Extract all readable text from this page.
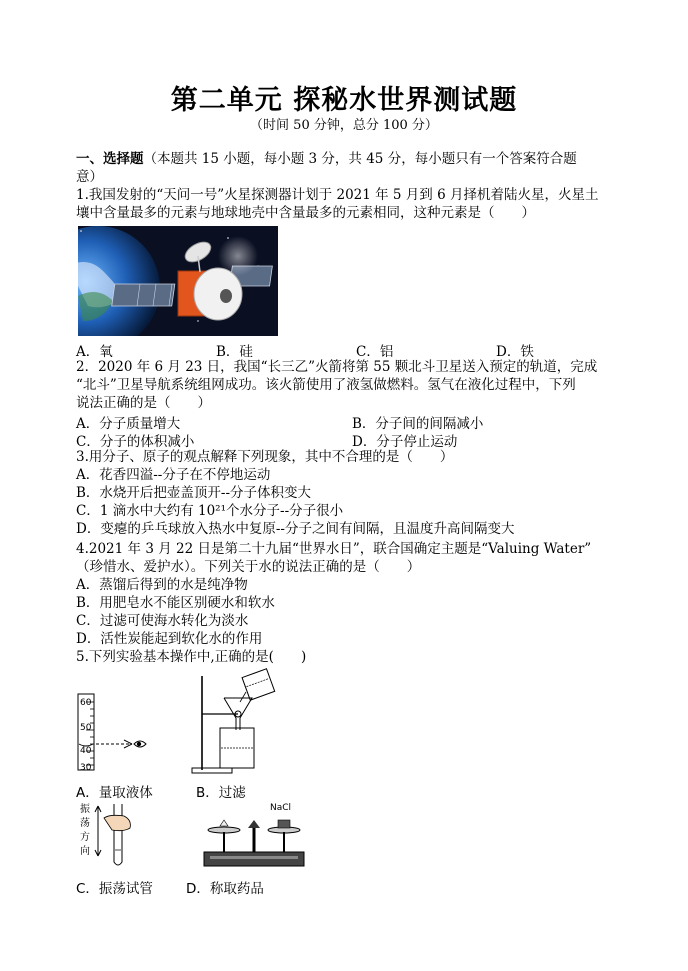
第二单元 探秘水世界测试题
（时间 50 分钟，总分 100 分）
一、选择题（本题共 15 小题，每小题 3 分，共 45 分，每小题只有一个答案符合题
意）
1.我国发射的“天问一号”火星探测器计划于 2021 年 5 月到 6 月择机着陆火星，火星土
壤中含量最多的元素与地球地壳中含量最多的元素相同，这种元素是（　　）
A．氧	B．硅	C．铝	D．铁
2．2020 年 6 月 23 日，我国“长三乙”火箭将第 55 颗北斗卫星送入预定的轨道，完成
“北斗”卫星导航系统组网成功。该火箭使用了液氢做燃料。氢气在液化过程中，下列
说法正确的是（　　）
A．分子质量增大	B．分子间的间隔减小
C．分子的体积减小	D．分子停止运动
3.用分子、原子的观点解释下列现象，其中不合理的是（　　）
A．花香四溢--分子在不停地运动
B．水烧开后把壶盖顶开--分子体积变大
C．1 滴水中大约有 10²¹个水分子--分子很小
D．变瘪的乒乓球放入热水中复原--分子之间有间隔，且温度升高间隔变大
4.2021 年 3 月 22 日是第二十九届“世界水日”，联合国确定主题是“Valuing Water”
（珍惜水、爱护水）。下列关于水的说法正确的是（　　）
A．蒸馏后得到的水是纯净物
B．用肥皂水不能区别硬水和软水
C．过滤可使海水转化为淡水
D．活性炭能起到软化水的作用
5.下列实验基本操作中,正确的是(　　)
60
50
40
30
A．量取液体	B．过滤
振
荡
方
向
C．振荡试管
NaCl
D．称取药品
